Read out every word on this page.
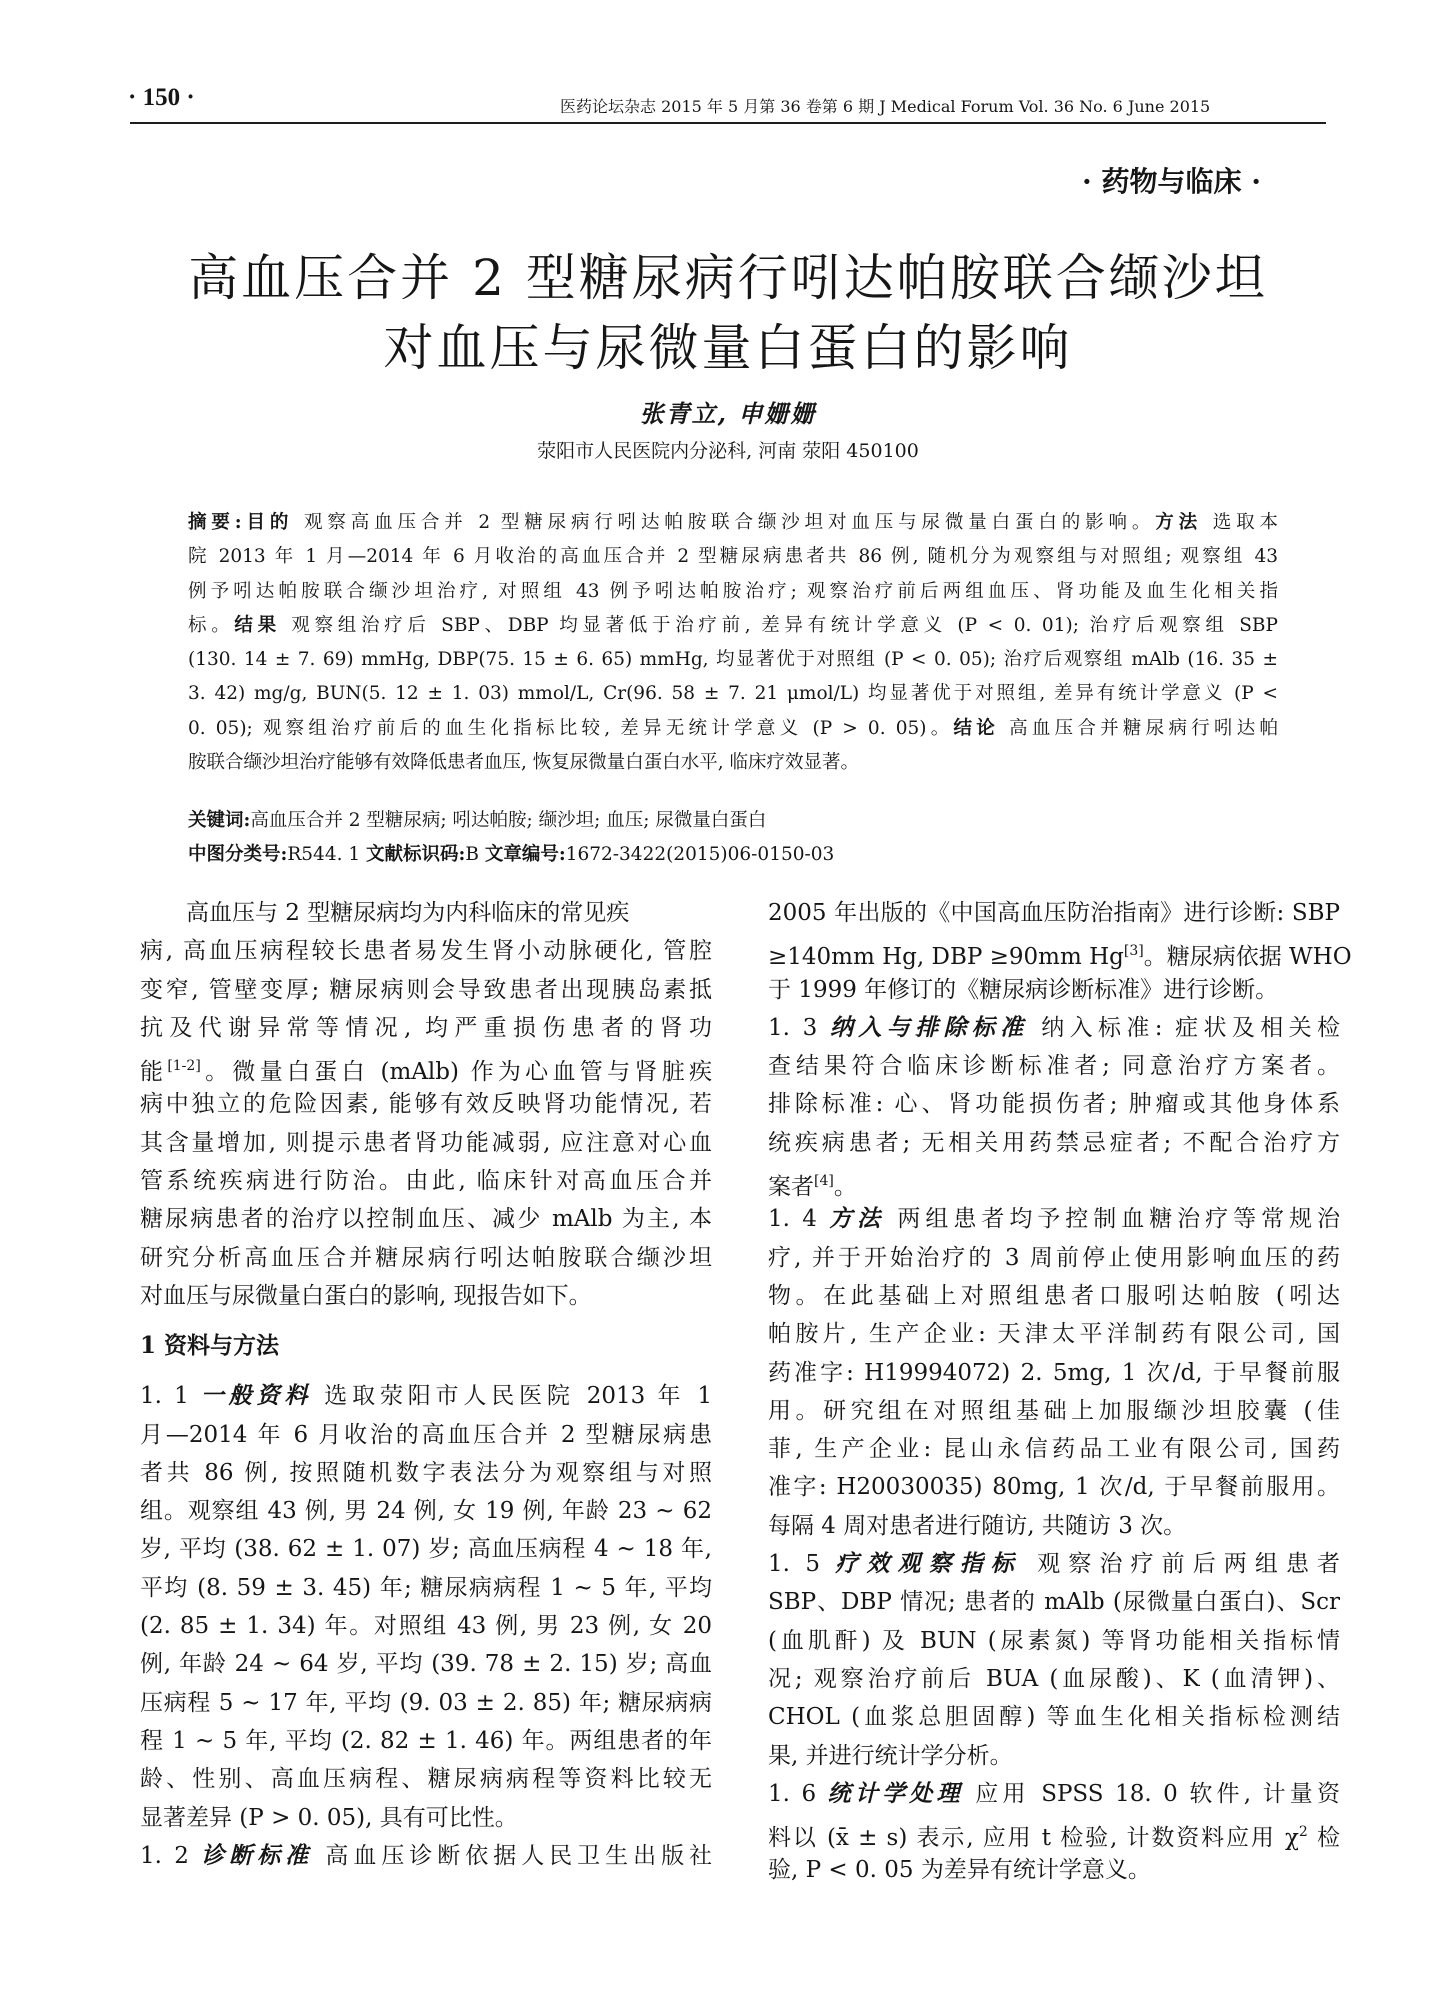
· 150 ·	医药论坛杂志 2015 年 5 月第 36 卷第 6 期 J Medical Forum Vol. 36 No. 6 June 2015
· 药物与临床 ·
高血压合并 2 型糖尿病行吲达帕胺联合缬沙坦
对血压与尿微量白蛋白的影响
张青立, 申姗姗
荥阳市人民医院内分泌科, 河南 荥阳 450100
摘要:目的 观察高血压合并 2 型糖尿病行吲达帕胺联合缬沙坦对血压与尿微量白蛋白的影响。方法 选取本
院 2013 年 1 月—2014 年 6 月收治的高血压合并 2 型糖尿病患者共 86 例, 随机分为观察组与对照组; 观察组 43
例予吲达帕胺联合缬沙坦治疗, 对照组 43 例予吲达帕胺治疗; 观察治疗前后两组血压、肾功能及血生化相关指
标。结果 观察组治疗后 SBP、DBP 均显著低于治疗前, 差异有统计学意义 (P < 0. 01); 治疗后观察组 SBP
(130. 14 ± 7. 69) mmHg, DBP(75. 15 ± 6. 65) mmHg, 均显著优于对照组 (P < 0. 05); 治疗后观察组 mAlb (16. 35 ±
3. 42) mg/g, BUN(5. 12 ± 1. 03) mmol/L, Cr(96. 58 ± 7. 21 μmol/L) 均显著优于对照组, 差异有统计学意义 (P <
0. 05); 观察组治疗前后的血生化指标比较, 差异无统计学意义 (P > 0. 05)。结论 高血压合并糖尿病行吲达帕
胺联合缬沙坦治疗能够有效降低患者血压, 恢复尿微量白蛋白水平, 临床疗效显著。
关键词:高血压合并 2 型糖尿病; 吲达帕胺; 缬沙坦; 血压; 尿微量白蛋白
中图分类号:R544. 1 文献标识码:B 文章编号:1672-3422(2015)06-0150-03
高血压与 2 型糖尿病均为内科临床的常见疾
病, 高血压病程较长患者易发生肾小动脉硬化, 管腔
变窄, 管壁变厚; 糖尿病则会导致患者出现胰岛素抵
抗及代谢异常等情况, 均严重损伤患者的肾功
能[1-2]。微量白蛋白 (mAlb) 作为心血管与肾脏疾
病中独立的危险因素, 能够有效反映肾功能情况, 若
其含量增加, 则提示患者肾功能减弱, 应注意对心血
管系统疾病进行防治。由此, 临床针对高血压合并
糖尿病患者的治疗以控制血压、减少 mAlb 为主, 本
研究分析高血压合并糖尿病行吲达帕胺联合缬沙坦
对血压与尿微量白蛋白的影响, 现报告如下。
1 资料与方法
1. 1 一般资料 选取荥阳市人民医院 2013 年 1
月—2014 年 6 月收治的高血压合并 2 型糖尿病患
者共 86 例, 按照随机数字表法分为观察组与对照
组。观察组 43 例, 男 24 例, 女 19 例, 年龄 23 ~ 62
岁, 平均 (38. 62 ± 1. 07) 岁; 高血压病程 4 ~ 18 年,
平均 (8. 59 ± 3. 45) 年; 糖尿病病程 1 ~ 5 年, 平均
(2. 85 ± 1. 34) 年。对照组 43 例, 男 23 例, 女 20
例, 年龄 24 ~ 64 岁, 平均 (39. 78 ± 2. 15) 岁; 高血
压病程 5 ~ 17 年, 平均 (9. 03 ± 2. 85) 年; 糖尿病病
程 1 ~ 5 年, 平均 (2. 82 ± 1. 46) 年。两组患者的年
龄、性别、高血压病程、糖尿病病程等资料比较无
显著差异 (P > 0. 05), 具有可比性。
1. 2 诊断标准 高血压诊断依据人民卫生出版社
2005 年出版的《中国高血压防治指南》进行诊断: SBP
≥140mm Hg, DBP ≥90mm Hg[3]。糖尿病依据 WHO
于 1999 年修订的《糖尿病诊断标准》进行诊断。
1. 3 纳入与排除标准 纳入标准: 症状及相关检
查结果符合临床诊断标准者; 同意治疗方案者。
排除标准: 心、肾功能损伤者; 肿瘤或其他身体系
统疾病患者; 无相关用药禁忌症者; 不配合治疗方
案者[4]。
1. 4 方法 两组患者均予控制血糖治疗等常规治
疗, 并于开始治疗的 3 周前停止使用影响血压的药
物。在此基础上对照组患者口服吲达帕胺 (吲达
帕胺片, 生产企业: 天津太平洋制药有限公司, 国
药准字: H19994072) 2. 5mg, 1 次/d, 于早餐前服
用。研究组在对照组基础上加服缬沙坦胶囊 (佳
菲, 生产企业: 昆山永信药品工业有限公司, 国药
准字: H20030035) 80mg, 1 次/d, 于早餐前服用。
每隔 4 周对患者进行随访, 共随访 3 次。
1. 5 疗效观察指标 观察治疗前后两组患者
SBP、DBP 情况; 患者的 mAlb (尿微量白蛋白)、Scr
(血肌酐) 及 BUN (尿素氮) 等肾功能相关指标情
况; 观察治疗前后 BUA (血尿酸)、K (血清钾)、
CHOL (血浆总胆固醇) 等血生化相关指标检测结
果, 并进行统计学分析。
1. 6 统计学处理 应用 SPSS 18. 0 软件, 计量资
料以 (x̄ ± s) 表示, 应用 t 检验, 计数资料应用 $\chi^2$ 检
验, P < 0. 05 为差异有统计学意义。
